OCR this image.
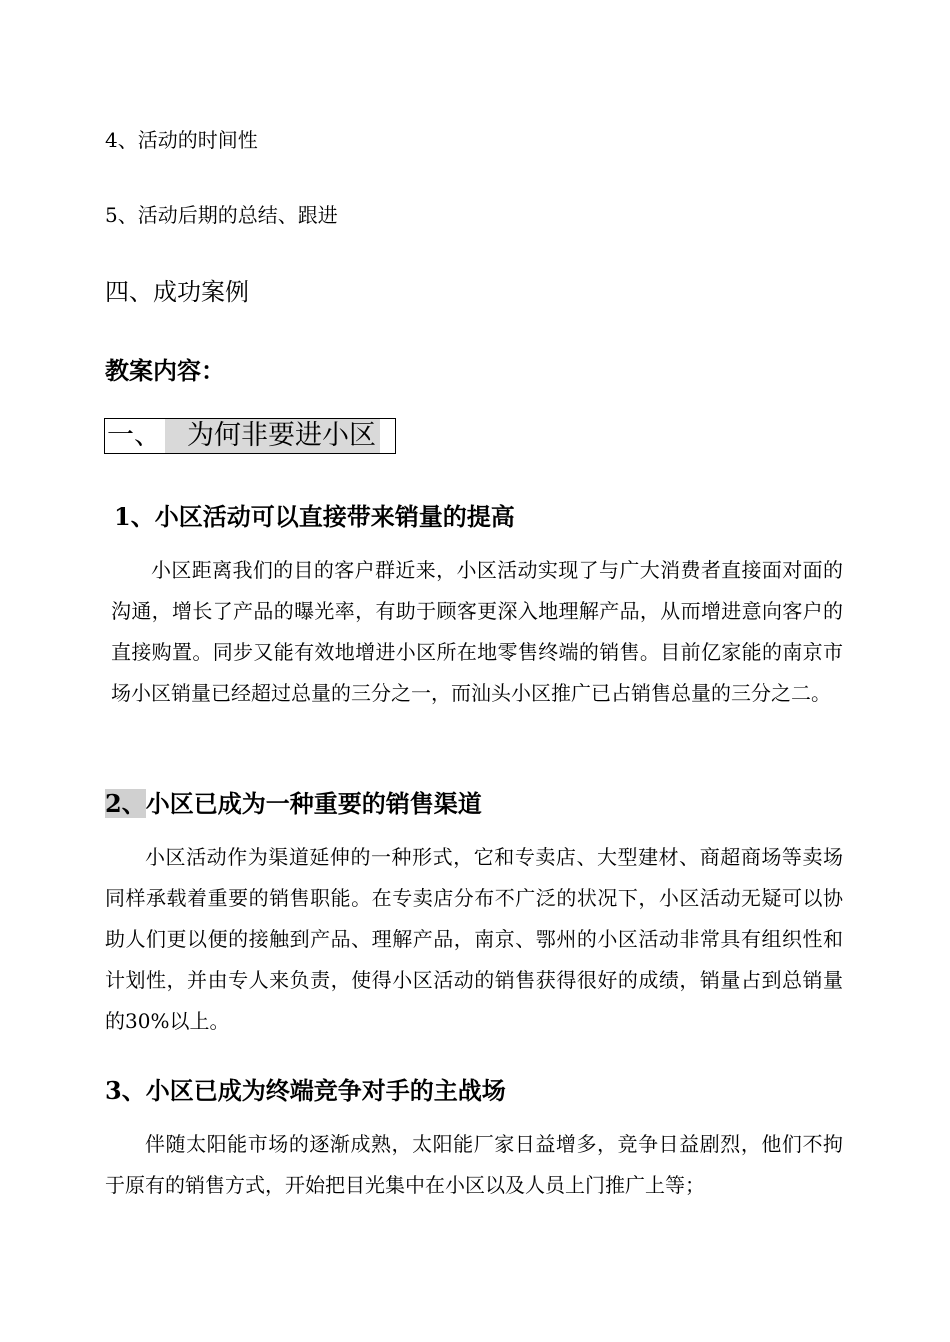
4、活动的时间性
5、活动后期的总结、跟进
四、成功案例
教案内容：
一、 为何非要进小区
1、小区活动可以直接带来销量的提高

小区距离我们的目的客户群近来，小区活动实现了与广大消费者直接面对面的沟通，增长了产品的曝光率，有助于顾客更深入地理解产品，从而增进意向客户的直接购置。同步又能有效地增进小区所在地零售终端的销售。目前亿家能的南京市场小区销量已经超过总量的三分之一，而汕头小区推广已占销售总量的三分之二。

2、小区已成为一种重要的销售渠道

小区活动作为渠道延伸的一种形式，它和专卖店、大型建材、商超商场等卖场同样承载着重要的销售职能。在专卖店分布不广泛的状况下，小区活动无疑可以协助人们更以便的接触到产品、理解产品，南京、鄂州的小区活动非常具有组织性和计划性，并由专人来负责，使得小区活动的销售获得很好的成绩，销量占到总销量的30%以上。

3、小区已成为终端竞争对手的主战场

伴随太阳能市场的逐渐成熟，太阳能厂家日益增多，竞争日益剧烈，他们不拘于原有的销售方式，开始把目光集中在小区以及人员上门推广上等；
